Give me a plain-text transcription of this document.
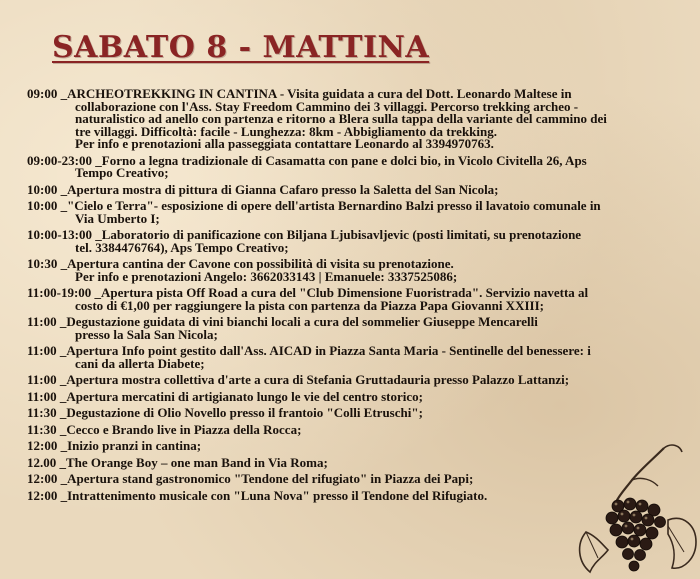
SABATO 8 - MATTINA
09:00 _ARCHEOTREKKING IN CANTINA - Visita guidata a cura del Dott. Leonardo Maltese in
collaborazione con l'Ass. Stay Freedom Cammino dei 3 villaggi. Percorso trekking archeo -
naturalistico ad anello con partenza e ritorno a Blera sulla tappa della variante del cammino dei
tre villaggi. Difficoltà: facile - Lunghezza: 8km - Abbigliamento da trekking.
Per info e prenotazioni alla passeggiata contattare Leonardo al 3394970763.
09:00-23:00 _Forno a legna tradizionale di Casamatta con pane e dolci bio, in Vicolo Civitella 26, Aps
Tempo Creativo;
10:00 _Apertura mostra di pittura di Gianna Cafaro presso la Saletta del San Nicola;
10:00 _"Cielo e Terra"- esposizione di opere dell'artista Bernardino Balzi presso il lavatoio comunale in
Via Umberto I;
10:00-13:00 _Laboratorio di panificazione con Biljana Ljubisavljevic (posti limitati, su prenotazione
tel. 3384476764), Aps Tempo Creativo;
10:30 _Apertura cantina der Cavone con possibilità di visita su prenotazione.
Per info e prenotazioni Angelo: 3662033143 | Emanuele: 3337525086;
11:00-19:00 _Apertura pista Off Road a cura del "Club Dimensione Fuoristrada". Servizio navetta al
costo di €1,00 per raggiungere la pista con partenza da Piazza Papa Giovanni XXIII;
11:00 _Degustazione guidata di vini bianchi locali a cura del sommelier Giuseppe Mencarelli
presso la Sala San Nicola;
11:00 _Apertura Info point gestito dall'Ass. AICAD in Piazza Santa Maria - Sentinelle del benessere: i
cani da allerta Diabete;
11:00 _Apertura mostra collettiva d'arte a cura di Stefania Gruttadauria presso Palazzo Lattanzi;
11:00 _Apertura mercatini di artigianato lungo le vie del centro storico;
11:30 _Degustazione di Olio Novello presso il frantoio "Colli Etruschi";
11:30 _Cecco e Brando live in Piazza della Rocca;
12:00 _Inizio pranzi in cantina;
12.00 _The Orange Boy – one man Band in Via Roma;
12:00 _Apertura stand gastronomico "Tendone del rifugiato" in Piazza dei Papi;
12:00 _Intrattenimento musicale con "Luna Nova" presso il Tendone del Rifugiato.
